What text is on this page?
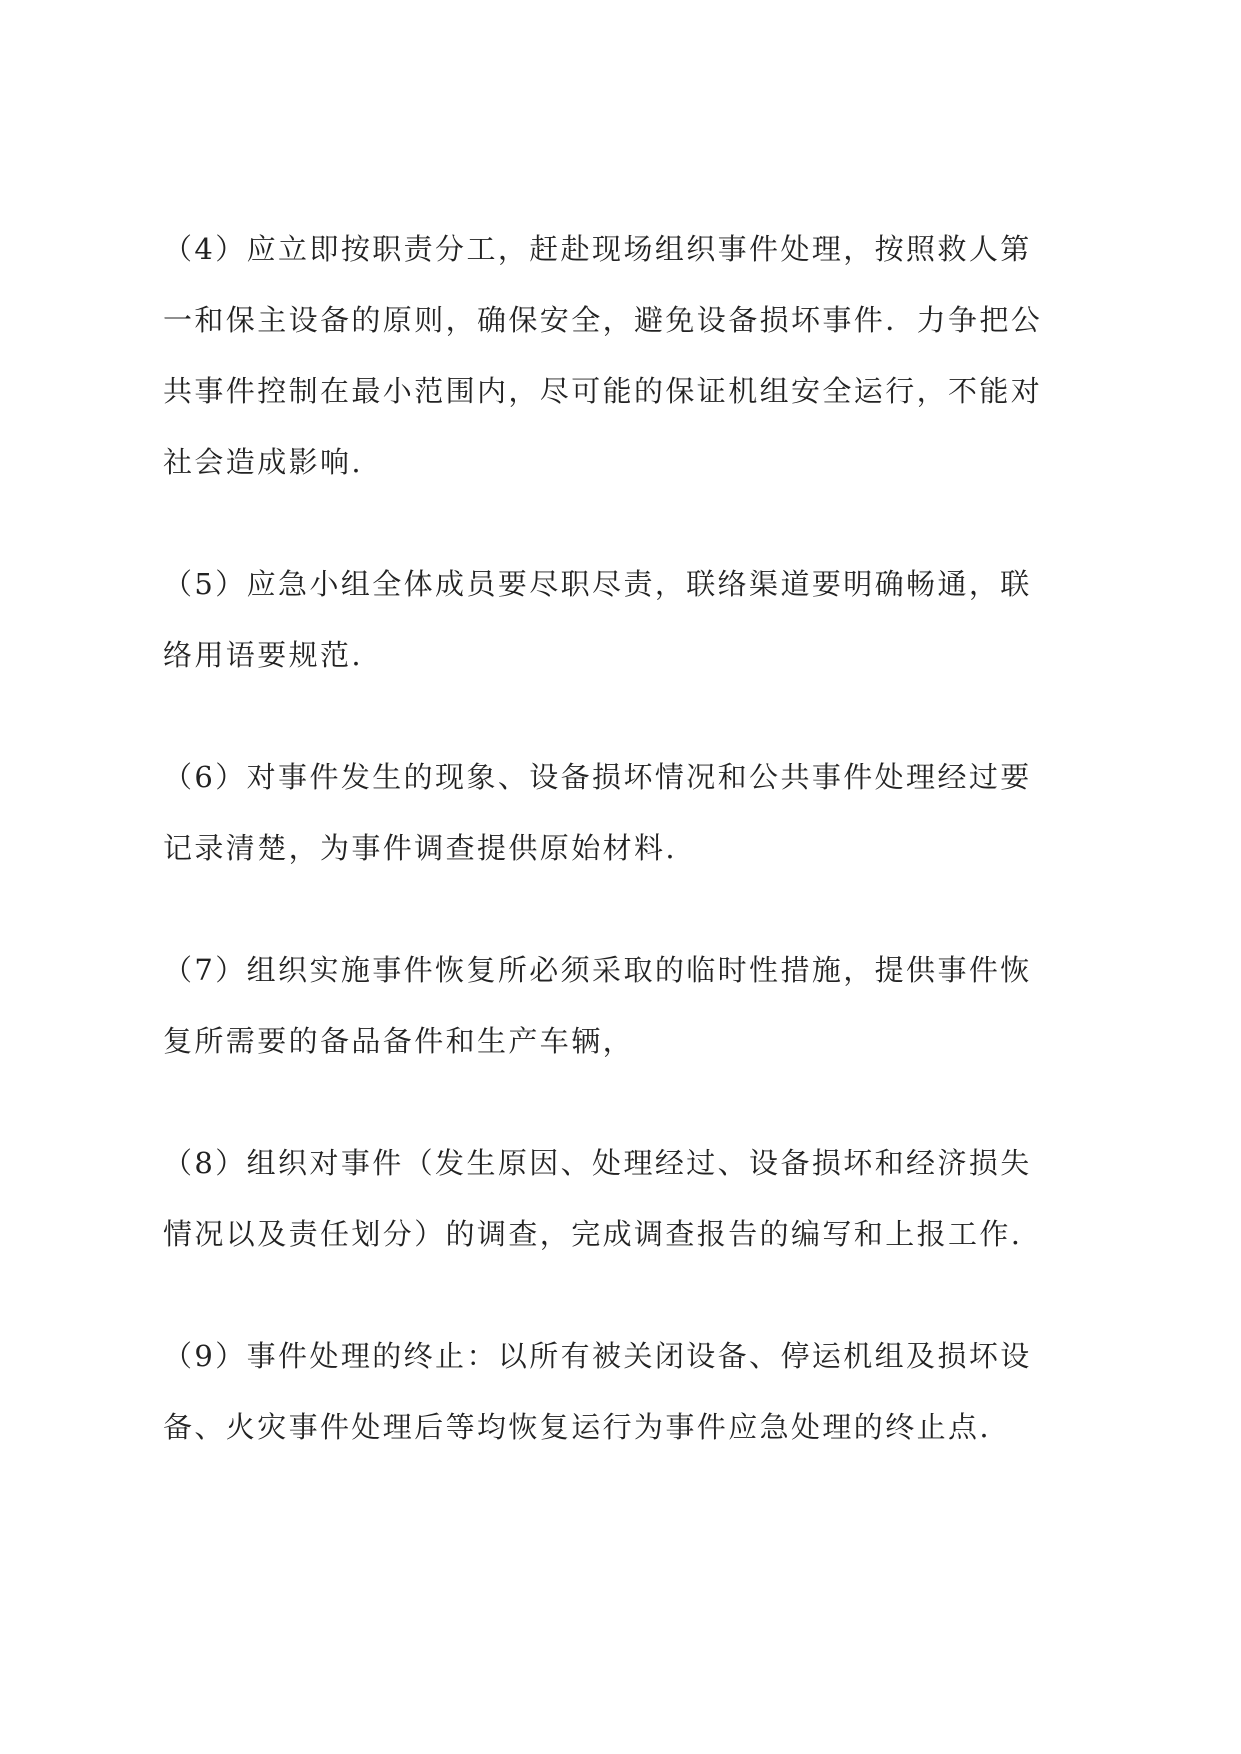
（4）应立即按职责分工，赶赴现场组织事件处理，按照救人第
一和保主设备的原则，确保安全，避免设备损坏事件．力争把公
共事件控制在最小范围内，尽可能的保证机组安全运行，不能对
社会造成影响.
（5）应急小组全体成员要尽职尽责，联络渠道要明确畅通，联
络用语要规范.
（6）对事件发生的现象、设备损坏情况和公共事件处理经过要
记录清楚，为事件调查提供原始材料.
（7）组织实施事件恢复所必须采取的临时性措施，提供事件恢
复所需要的备品备件和生产车辆，
（8）组织对事件（发生原因、处理经过、设备损坏和经济损失
情况以及责任划分）的调查，完成调查报告的编写和上报工作.
（9）事件处理的终止：以所有被关闭设备、停运机组及损坏设
备、火灾事件处理后等均恢复运行为事件应急处理的终止点.
